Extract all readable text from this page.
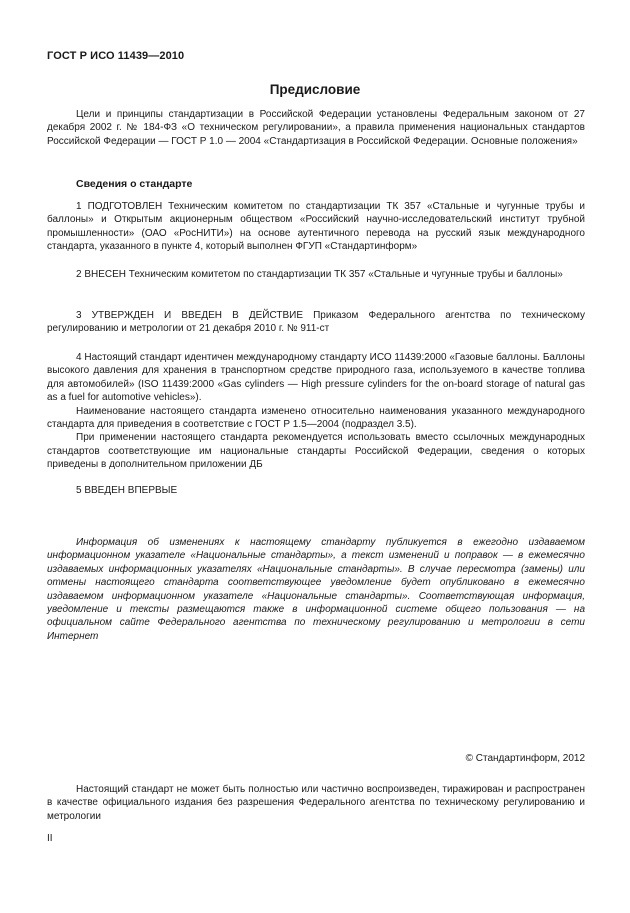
ГОСТ Р ИСО 11439—2010
Предисловие

Цели и принципы стандартизации в Российской Федерации установлены Федеральным законом от 27 декабря 2002 г. № 184-ФЗ «О техническом регулировании», а правила применения национальных стандартов Российской Федерации — ГОСТ Р 1.0 — 2004 «Стандартизация в Российской Федерации. Основные положения»

Сведения о стандарте

1 ПОДГОТОВЛЕН Техническим комитетом по стандартизации ТК 357 «Стальные и чугунные трубы и баллоны» и Открытым акционерным обществом «Российский научно-исследовательский институт трубной промышленности» (ОАО «РосНИТИ») на основе аутентичного перевода на русский язык международного стандарта, указанного в пункте 4, который выполнен ФГУП «Стандартинформ»

2 ВНЕСЕН Техническим комитетом по стандартизации ТК 357 «Стальные и чугунные трубы и баллоны»

3 УТВЕРЖДЕН И ВВЕДЕН В ДЕЙСТВИЕ Приказом Федерального агентства по техническому регулированию и метрологии от 21 декабря 2010 г. № 911-ст

4 Настоящий стандарт идентичен международному стандарту ИСО 11439:2000 «Газовые баллоны. Баллоны высокого давления для хранения в транспортном средстве природного газа, используемого в качестве топлива для автомобилей» (ISO 11439:2000 «Gas cylinders — High pressure cylinders for the on-board storage of natural gas as a fuel for automotive vehicles»).

Наименование настоящего стандарта изменено относительно наименования указанного международного стандарта для приведения в соответствие с ГОСТ Р 1.5—2004 (подраздел 3.5).

При применении настоящего стандарта рекомендуется использовать вместо ссылочных международных стандартов соответствующие им национальные стандарты Российской Федерации, сведения о которых приведены в дополнительном приложении ДБ

5 ВВЕДЕН ВПЕРВЫЕ

Информация об изменениях к настоящему стандарту публикуется в ежегодно издаваемом информационном указателе «Национальные стандарты», а текст изменений и поправок — в ежемесячно издаваемых информационных указателях «Национальные стандарты». В случае пересмотра (замены) или отмены настоящего стандарта соответствующее уведомление будет опубликовано в ежемесячно издаваемом информационном указателе «Национальные стандарты». Соответствующая информация, уведомление и тексты размещаются также в информационной системе общего пользования — на официальном сайте Федерального агентства по техническому регулированию и метрологии в сети Интернет

© Стандартинформ, 2012

Настоящий стандарт не может быть полностью или частично воспроизведен, тиражирован и распространен в качестве официального издания без разрешения Федерального агентства по техническому регулированию и метрологии

II
